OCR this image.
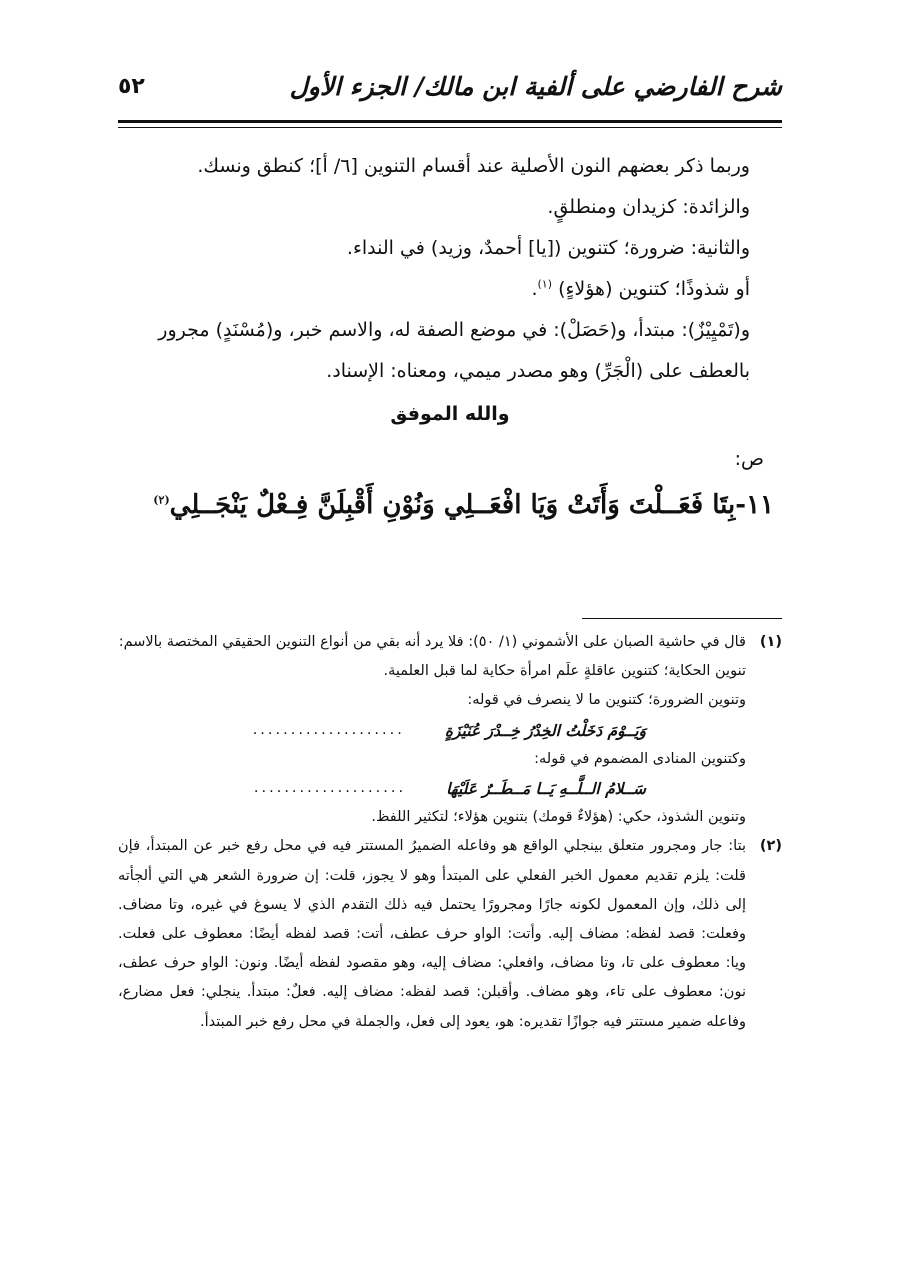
شرح الفارضي على ألفية ابن مالك/ الجزء الأول
٥٢

وربما ذكر بعضهم النون الأصلية عند أقسام التنوين [٦/ أ]؛ كنطق ونسك.

والزائدة: كزيدان ومنطلقٍ.

والثانية: ضرورة؛ كتنوين ([يا] أحمدٌ، وزيد) في النداء.

أو شذوذًا؛ كتنوين (هؤلاءٍ) $^{(١)}$.

و(تَمْيِيْزٌ): مبتدأ، و(حَصَلْ): في موضع الصفة له، والاسم خبر، و(مُسْنَدٍ) مجرور بالعطف على (الْجَرِّ) وهو مصدر ميمي، ومعناه: الإسناد.

والله الموفق

ص:

١١-بِتَا فَعَــلْتَ وَأَتَتْ وَيَا افْعَــلِي وَنُوْنِ أَقْبِلَنَّ فِـعْلٌ يَنْجَــلِي$^{(٢)}$

(١)

قال في حاشية الصبان على الأشموني (١/ ٥٠): فلا يرد أنه بقي من أنواع التنوين الحقيقي المختصة بالاسم:

تنوين الحكاية؛ كتنوين عاقلةٍ علَم امرأة حكاية لما قبل العلمية.

وتنوين الضرورة؛ كتنوين ما لا ينصرف في قوله:

وَيَــوْمَ دَخَلْتُ الخِدْرُ خِــدْرَ عُنَيْزَةٍ
....................

وكتنوين المنادى المضموم في قوله:

سَــلامُ الــلَّــهِ يَــا مَــطَــرٌ عَلَيْهَا
....................

وتنوين الشذوذ، حكي: (هؤلاءٌ قومك) بتنوين هؤلاء؛ لتكثير اللفظ.

(٢)

بتا: جار ومجرور متعلق بينجلي الواقع هو وفاعله الضميرُ المستتر فيه في محل رفع خبر عن المبتدأ، فإن قلت: يلزم تقديم معمول الخبر الفعلي على المبتدأ وهو لا يجوز، قلت: إن ضرورة الشعر هي التي ألجأته إلى ذلك، وإن المعمول لكونه جارًا ومجرورًا يحتمل فيه ذلك التقدم الذي لا يسوغ في غيره، وتا مضاف. وفعلت: قصد لفظه: مضاف إليه. وأتت: الواو حرف عطف، أتت: قصد لفظه أيضًا: معطوف على فعلت. ويا: معطوف على تا، وتا مضاف، وافعلي: مضاف إليه، وهو مقصود لفظه أيضًا. ونون: الواو حرف عطف، نون: معطوف على تاء، وهو مضاف. وأقبلن: قصد لفظه: مضاف إليه. فعلٌ: مبتدأ. ينجلي: فعل مضارع، وفاعله ضمير مستتر فيه جوازًا تقديره: هو، يعود إلى فعل، والجملة في محل رفع خبر المبتدأ.
